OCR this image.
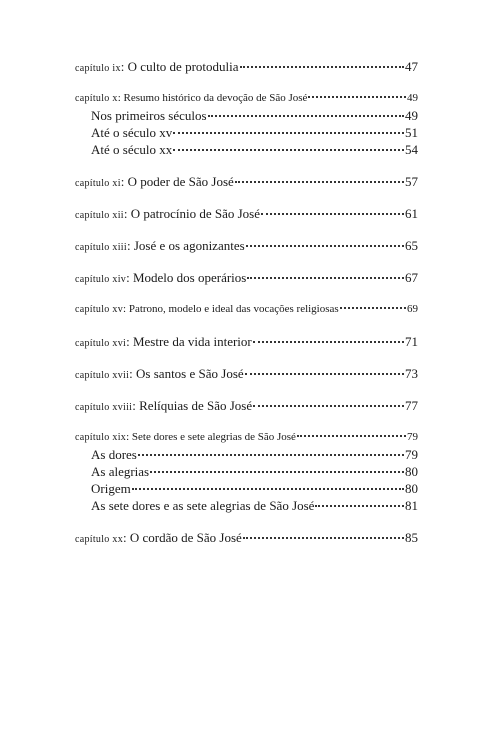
capítulo ix: O culto de protodulia	47
capítulo x: Resumo histórico da devoção de São José	49
Nos primeiros séculos	49
Até o século xv	51
Até o século xx	54
capítulo xi: O poder de São José	57
capítulo xii: O patrocínio de São José	61
capítulo xiii: José e os agonizantes	65
capítulo xiv: Modelo dos operários	67
capítulo xv: Patrono, modelo e ideal das vocações religiosas	69
capítulo xvi: Mestre da vida interior	71
capítulo xvii: Os santos e São José	73
capítulo xviii: Relíquias de São José	77
capítulo xix: Sete dores e sete alegrias de São José	79
As dores	79
As alegrias	80
Origem	80
As sete dores e as sete alegrias de São José	81
capítulo xx: O cordão de São José	85
